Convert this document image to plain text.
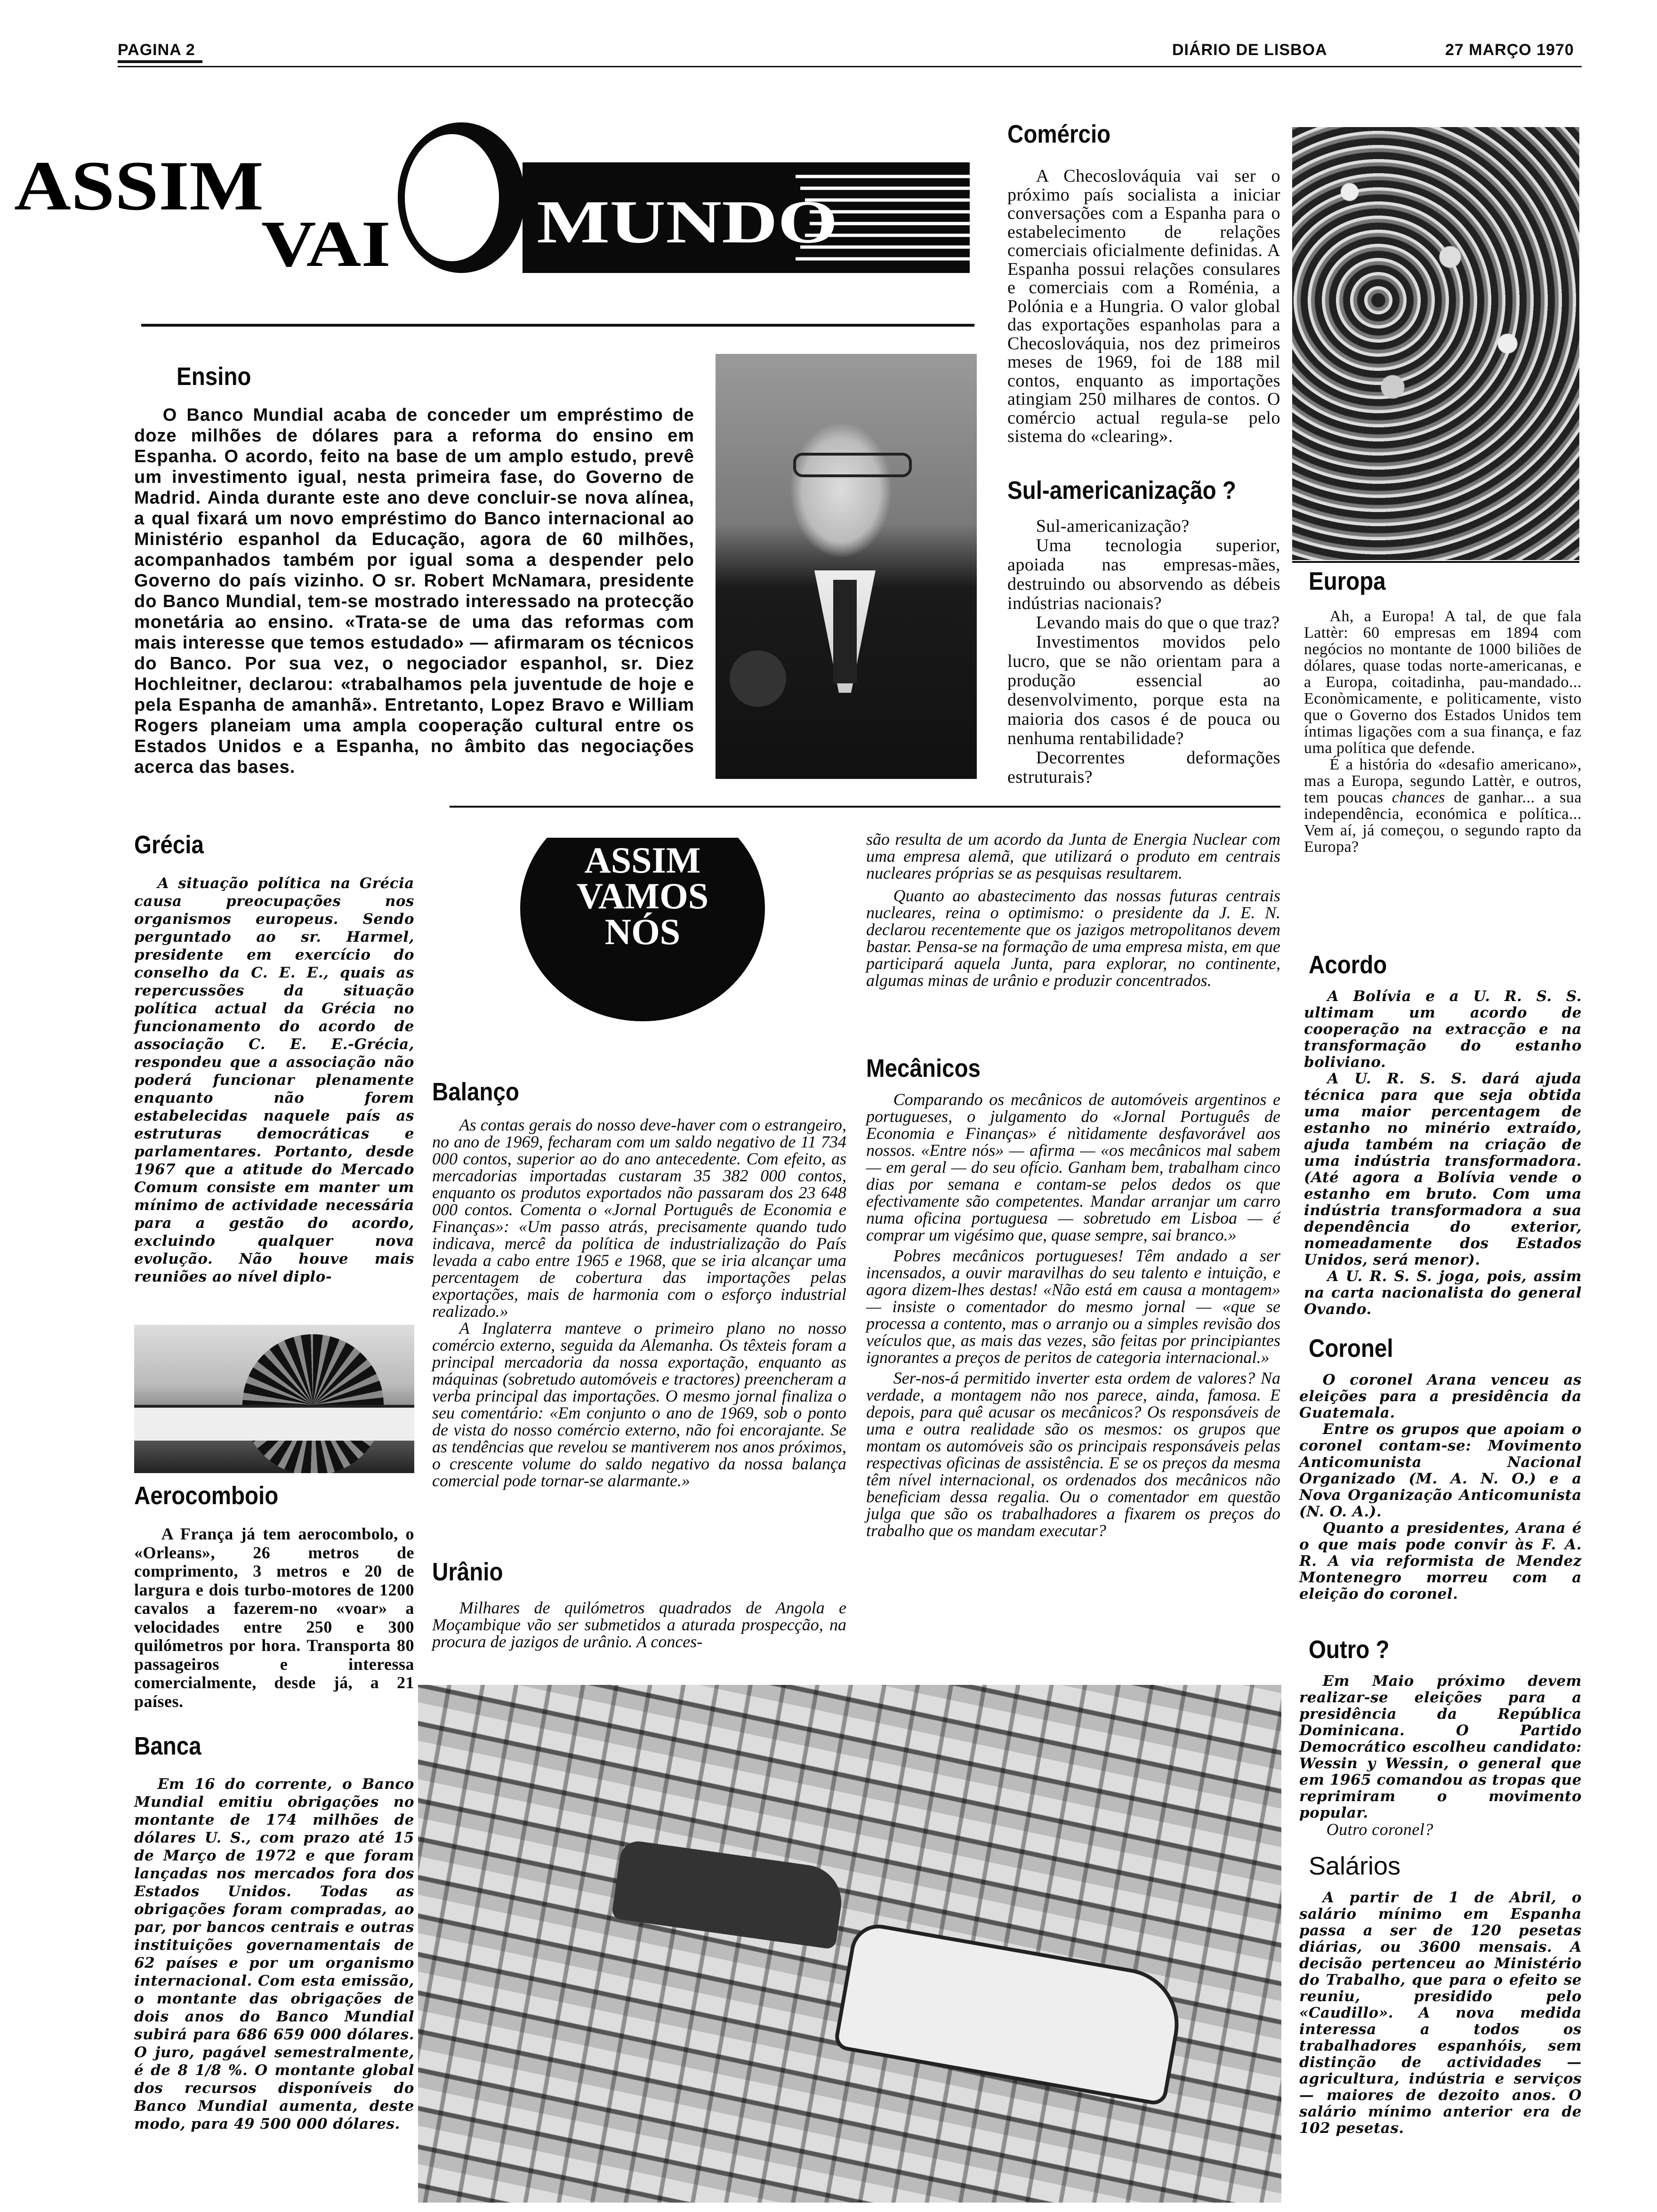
PAGINA 2	DIÁRIO DE LISBOA	27 MARÇO 1970
ASSIM
VAI MUNDO
Ensino

O Banco Mundial acaba de conceder um empréstimo de doze milhões de dólares para a reforma do ensino em Espanha. O acordo, feito na base de um amplo estudo, prevê um investimento igual, nesta primeira fase, do Governo de Madrid. Ainda durante este ano deve concluir-se nova alínea, a qual fixará um novo empréstimo do Banco internacional ao Ministério espanhol da Educação, agora de 60 milhões, acompanhados também por igual soma a despender pelo Governo do país vizinho. O sr. Robert McNamara, presidente do Banco Mundial, tem-se mostrado interessado na protecção monetária ao ensino. «Trata-se de uma das reformas com mais interesse que temos estudado» — afirmaram os técnicos do Banco. Por sua vez, o negociador espanhol, sr. Diez Hochleitner, declarou: «trabalhamos pela juventude de hoje e pela Espanha de amanhã». Entretanto, Lopez Bravo e William Rogers planeiam uma ampla cooperação cultural entre os Estados Unidos e a Espanha, no âmbito das negociações acerca das bases.

Comércio

A Checoslováquia vai ser o próximo país socialista a iniciar conversações com a Espanha para o estabelecimento de relações comerciais oficialmente definidas. A Espanha possui relações consulares e comerciais com a Roménia, a Polónia e a Hungria. O valor global das exportações espanholas para a Checoslováquia, nos dez primeiros meses de 1969, foi de 188 mil contos, enquanto as importações atingiam 250 milhares de contos. O comércio actual regula-se pelo sistema do «clearing».

Sul-americanização ?

Sul-americanização?

Uma tecnologia superior, apoiada nas empresas-mães, destruindo ou absorvendo as débeis indústrias nacionais?

Levando mais do que o que traz?

Investimentos movidos pelo lucro, que se não orientam para a produção essencial ao desenvolvimento, porque esta na maioria dos casos é de pouca ou nenhuma rentabilidade?

Decorrentes deformações estruturais?

Europa

Ah, a Europa! A tal, de que fala Lattèr: 60 empresas em 1894 com negócios no montante de 1000 biliões de dólares, quase todas norte-americanas, e a Europa, coitadinha, pau-mandado... Econòmicamente, e politicamente, visto que o Governo dos Estados Unidos tem íntimas ligações com a sua finança, e faz uma política que defende.

É a história do «desafio americano», mas a Europa, segundo Lattèr, e outros, tem poucas chances de ganhar... a sua independência, económica e política... Vem aí, já começou, o segundo rapto da Europa?

Grécia

A situação política na Grécia causa preocupações nos organismos europeus. Sendo perguntado ao sr. Harmel, presidente em exercício do conselho da C. E. E., quais as repercussões da situação política actual da Grécia no funcionamento do acordo de associação C. E. E.-Grécia, respondeu que a associação não poderá funcionar plenamente enquanto não forem estabelecidas naquele país as estruturas democráticas e parlamentares. Portanto, desde 1967 que a atitude do Mercado Comum consiste em manter um mínimo de actividade necessária para a gestão do acordo, excluindo qualquer nova evolução. Não houve mais reuniões ao nível diplo-

Aerocomboio

A França já tem aerocombolo, o «Orleans», 26 metros de comprimento, 3 metros e 20 de largura e dois turbo-motores de 1200 cavalos a fazerem-no «voar» a velocidades entre 250 e 300 quilómetros por hora. Transporta 80 passageiros e interessa comercialmente, desde já, a 21 países.

Banca

Em 16 do corrente, o Banco Mundial emitiu obrigações no montante de 174 milhões de dólares U. S., com prazo até 15 de Março de 1972 e que foram lançadas nos mercados fora dos Estados Unidos. Todas as obrigações foram compradas, ao par, por bancos centrais e outras instituições governamentais de 62 países e por um organismo internacional. Com esta emissão, o montante das obrigações de dois anos do Banco Mundial subirá para 686 659 000 dólares. O juro, pagável semestralmente, é de 8 1/8 %. O montante global dos recursos disponíveis do Banco Mundial aumenta, deste modo, para 49 500 000 dólares.

ASSIM
VAMOS
NÓS
Balanço

As contas gerais do nosso deve-haver com o estrangeiro, no ano de 1969, fecharam com um saldo negativo de 11 734 000 contos, superior ao do ano antecedente. Com efeito, as mercadorias importadas custaram 35 382 000 contos, enquanto os produtos exportados não passaram dos 23 648 000 contos. Comenta o «Jornal Português de Economia e Finanças»: «Um passo atrás, precisamente quando tudo indicava, mercê da política de industrialização do País levada a cabo entre 1965 e 1968, que se iria alcançar uma percentagem de cobertura das importações pelas exportações, mais de harmonia com o esforço industrial realizado.»

A Inglaterra manteve o primeiro plano no nosso comércio externo, seguida da Alemanha. Os têxteis foram a principal mercadoria da nossa exportação, enquanto as máquinas (sobretudo automóveis e tractores) preencheram a verba principal das importações. O mesmo jornal finaliza o seu comentário: «Em conjunto o ano de 1969, sob o ponto de vista do nosso comércio externo, não foi encorajante. Se as tendências que revelou se mantiverem nos anos próximos, o crescente volume do saldo negativo da nossa balança comercial pode tornar-se alarmante.»

Urânio

Milhares de quilómetros quadrados de Angola e Moçambique vão ser submetidos a aturada prospecção, na procura de jazigos de urânio. A conces-

são resulta de um acordo da Junta de Energia Nuclear com uma empresa alemã, que utilizará o produto em centrais nucleares próprias se as pesquisas resultarem.

Quanto ao abastecimento das nossas futuras centrais nucleares, reina o optimismo: o presidente da J. E. N. declarou recentemente que os jazigos metropolitanos devem bastar. Pensa-se na formação de uma empresa mista, em que participará aquela Junta, para explorar, no continente, algumas minas de urânio e produzir concentrados.

Mecânicos

Comparando os mecânicos de automóveis argentinos e portugueses, o julgamento do «Jornal Português de Economia e Finanças» é nìtidamente desfavorável aos nossos. «Entre nós» — afirma — «os mecânicos mal sabem — em geral — do seu ofício. Ganham bem, trabalham cinco dias por semana e contam-se pelos dedos os que efectivamente são competentes. Mandar arranjar um carro numa oficina portuguesa — sobretudo em Lisboa — é comprar um vigésimo que, quase sempre, sai branco.»

Pobres mecânicos portugueses! Têm andado a ser incensados, a ouvir maravilhas do seu talento e intuição, e agora dizem-lhes destas! «Não está em causa a montagem» — insiste o comentador do mesmo jornal — «que se processa a contento, mas o arranjo ou a simples revisão dos veículos que, as mais das vezes, são feitas por principiantes ignorantes a preços de peritos de categoria internacional.»

Ser-nos-á permitido inverter esta ordem de valores? Na verdade, a montagem não nos parece, ainda, famosa. E depois, para quê acusar os mecânicos? Os responsáveis de uma e outra realidade são os mesmos: os grupos que montam os automóveis são os principais responsáveis pelas respectivas oficinas de assistência. E se os preços da mesma têm nível internacional, os ordenados dos mecânicos não beneficiam dessa regalia. Ou o comentador em questão julga que são os trabalhadores a fixarem os preços do trabalho que os mandam executar?

Acordo

A Bolívia e a U. R. S. S. ultimam um acordo de cooperação na extracção e na transformação do estanho boliviano.

A U. R. S. S. dará ajuda técnica para que seja obtida uma maior percentagem de estanho no minério extraído, ajuda também na criação de uma indústria transformadora. (Até agora a Bolívia vende o estanho em bruto. Com uma indústria transformadora a sua dependência do exterior, nomeadamente dos Estados Unidos, será menor).

A U. R. S. S. joga, pois, assim na carta nacionalista do general Ovando.

Coronel

O coronel Arana venceu as eleições para a presidência da Guatemala.

Entre os grupos que apoiam o coronel contam-se: Movimento Anticomunista Nacional Organizado (M. A. N. O.) e a Nova Organização Anticomunista (N. O. A.).

Quanto a presidentes, Arana é o que mais pode convir às F. A. R. A via reformista de Mendez Montenegro morreu com a eleição do coronel.

Outro ?

Em Maio próximo devem realizar-se eleições para a presidência da República Dominicana. O Partido Democrático escolheu candidato: Wessin y Wessin, o general que em 1965 comandou as tropas que reprimiram o movimento popular.

Outro coronel?

Salários

A partir de 1 de Abril, o salário mínimo em Espanha passa a ser de 120 pesetas diárias, ou 3600 mensais. A decisão pertenceu ao Ministério do Trabalho, que para o efeito se reuniu, presidido pelo «Caudillo». A nova medida interessa a todos os trabalhadores espanhóis, sem distinção de actividades — agricultura, indústria e serviços — maiores de dezoito anos. O salário mínimo anterior era de 102 pesetas.
